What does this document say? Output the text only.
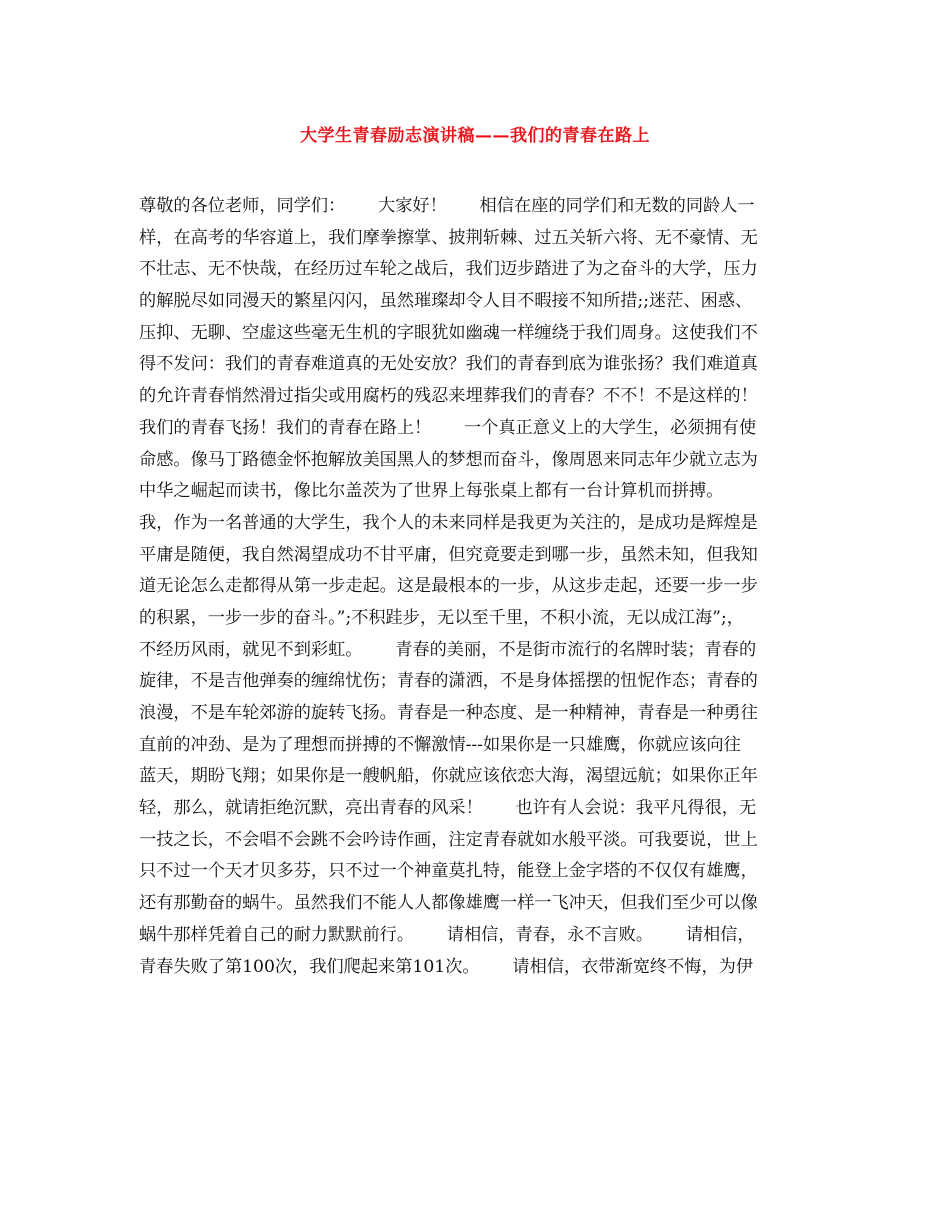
大学生青春励志演讲稿——我们的青春在路上
尊敬的各位老师，同学们：      大家好！      相信在座的同学们和无数的同龄人一
样，在高考的华容道上，我们摩拳擦掌、披荆斩棘、过五关斩六将、无不豪情、无
不壮志、无不快哉，在经历过车轮之战后，我们迈步踏进了为之奋斗的大学，压力
的解脱尽如同漫天的繁星闪闪，虽然璀璨却令人目不暇接不知所措;;迷茫、困惑、
压抑、无聊、空虚这些毫无生机的字眼犹如幽魂一样缠绕于我们周身。这使我们不
得不发问：我们的青春难道真的无处安放？我们的青春到底为谁张扬？我们难道真
的允许青春悄然滑过指尖或用腐朽的残忍来埋葬我们的青春？不不！不是这样的！
我们的青春飞扬！我们的青春在路上！      一个真正意义上的大学生，必须拥有使
命感。像马丁路德金怀抱解放美国黑人的梦想而奋斗，像周恩来同志年少就立志为
中华之崛起而读书，像比尔盖茨为了世界上每张桌上都有一台计算机而拼搏。
我，作为一名普通的大学生，我个人的未来同样是我更为关注的，是成功是辉煌是
平庸是随便，我自然渴望成功不甘平庸，但究竟要走到哪一步，虽然未知，但我知
道无论怎么走都得从第一步走起。这是最根本的一步，从这步走起，还要一步一步
的积累，一步一步的奋斗。”;不积跬步，无以至千里，不积小流，无以成江海”;，
不经历风雨，就见不到彩虹。      青春的美丽，不是街市流行的名牌时装；青春的
旋律，不是吉他弹奏的缠绵忧伤；青春的潇洒，不是身体摇摆的忸怩作态；青春的
浪漫，不是车轮郊游的旋转飞扬。青春是一种态度、是一种精神，青春是一种勇往
直前的冲劲、是为了理想而拼搏的不懈激情---如果你是一只雄鹰，你就应该向往
蓝天，期盼飞翔；如果你是一艘帆船，你就应该依恋大海，渴望远航；如果你正年
轻，那么，就请拒绝沉默，亮出青春的风采！      也许有人会说：我平凡得很，无
一技之长，不会唱不会跳不会吟诗作画，注定青春就如水般平淡。可我要说，世上
只不过一个天才贝多芬，只不过一个神童莫扎特，能登上金字塔的不仅仅有雄鹰，
还有那勤奋的蜗牛。虽然我们不能人人都像雄鹰一样一飞冲天，但我们至少可以像
蜗牛那样凭着自己的耐力默默前行。      请相信，青春，永不言败。      请相信，
青春失败了第100次，我们爬起来第101次。      请相信，衣带渐宽终不悔，为伊
